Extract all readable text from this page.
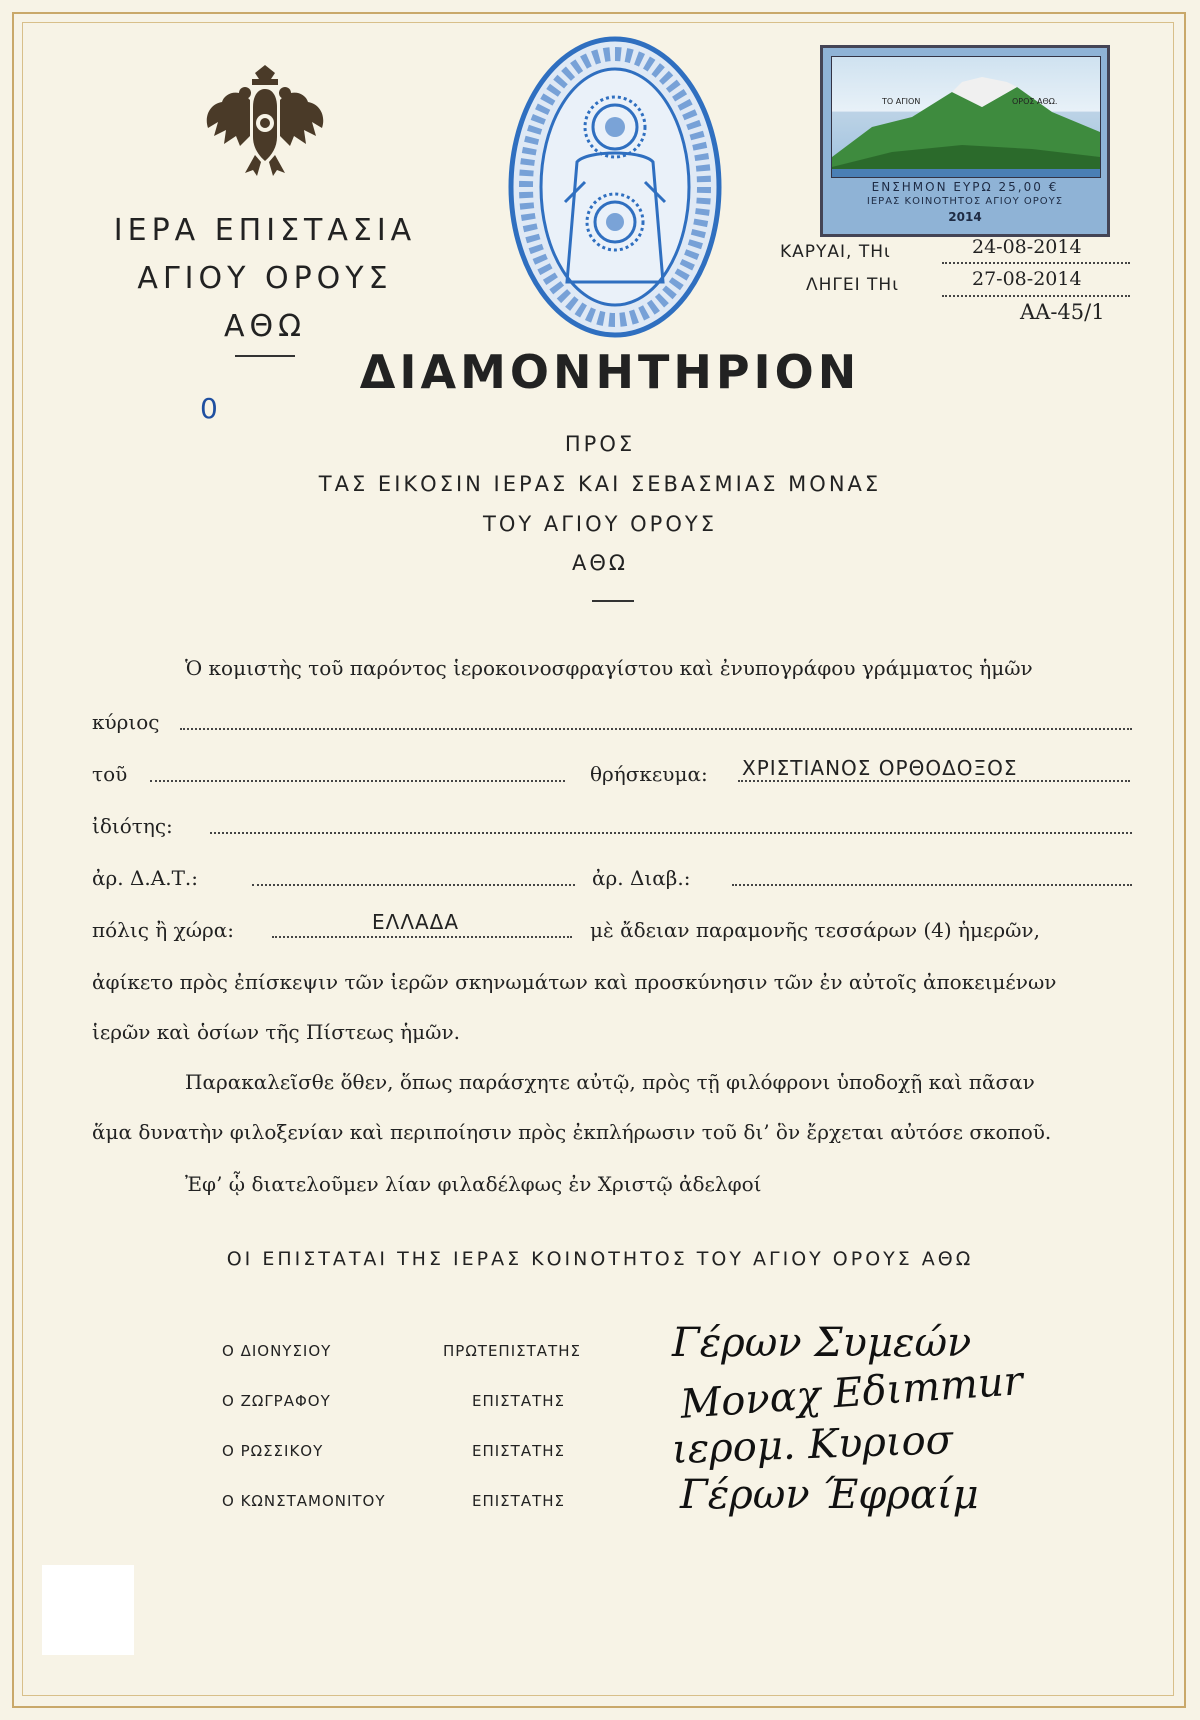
ΙΕΡΑ ΕΠΙΣΤΑΣΙΑ
ΑΓΙΟΥ ΟΡΟΥΣ
ΑΘΩ
ΤΟ ΑΓΙΟΝ	ΟΡΟΣ ΑΘΩ.
ΕΝΣΗΜΟΝ ΕΥΡΩ 25,00 €
ΙΕΡΑΣ ΚΟΙΝΟΤΗΤΟΣ ΑΓΙΟΥ ΟΡΟΥΣ
2014
ΚΑΡΥΑΙ, ΤΗι	24-08-2014
ΛΗΓΕΙ ΤΗι	27-08-2014
ΑΑ-45/1
0
ΔΙΑΜΟΝΗΤΗΡΙΟΝ
ΠΡΟΣ
ΤΑΣ ΕΙΚΟΣΙΝ ΙΕΡΑΣ ΚΑΙ ΣΕΒΑΣΜΙΑΣ ΜΟΝΑΣ
ΤΟΥ ΑΓΙΟΥ ΟΡΟΥΣ
ΑΘΩ
Ὁ κομιστὴς τοῦ παρόντος ἱεροκοινοσφραγίστου καὶ ἐνυπογράφου γράμματος ἡμῶν
κύριος
τοῦ	θρήσκευμα: ΧΡΙΣΤΙΑΝΟΣ ΟΡΘΟΔΟΞΟΣ
ἰδιότης:
ἀρ. Δ.Α.Τ.:	ἀρ. Διαβ.:
πόλις ἢ χώρα:	ΕΛΛΑΔΑ	μὲ ἄδειαν παραμονῆς τεσσάρων (4) ἡμερῶν,
ἀφίκετο πρὸς ἐπίσκεψιν τῶν ἱερῶν σκηνωμάτων καὶ προσκύνησιν τῶν ἐν αὐτοῖς ἀποκειμένων
ἱερῶν καὶ ὁσίων τῆς Πίστεως ἡμῶν.
Παρακαλεῖσθε ὅθεν, ὅπως παράσχητε αὐτῷ, πρὸς τῇ φιλόφρονι ὑποδοχῇ καὶ πᾶσαν
ἅμα δυνατὴν φιλοξενίαν καὶ περιποίησιν πρὸς ἐκπλήρωσιν τοῦ δι’ ὃν ἔρχεται αὐτόσε σκοποῦ.
Ἐφ’ ᾧ διατελοῦμεν λίαν φιλαδέλφως ἐν Χριστῷ ἀδελφοί
ΟΙ ΕΠΙΣΤΑΤΑΙ ΤΗΣ ΙΕΡΑΣ ΚΟΙΝΟΤΗΤΟΣ ΤΟΥ ΑΓΙΟΥ ΟΡΟΥΣ ΑΘΩ
Ο ΔΙΟΝΥΣΙΟΥ	ΠΡΩΤΕΠΙΣΤΑΤΗΣ Γέρων Συμεών
Ο ΖΩΓΡΑΦΟΥ	ΕΠΙΣΤΑΤΗΣ	Μοναχ Εδιmmur
Ο ΡΩΣΣΙΚΟΥ	ΕΠΙΣΤΑΤΗΣ	ιερομ. Κυριοσ
Ο ΚΩΝΣΤΑΜΟΝΙΤΟΥ	ΕΠΙΣΤΑΤΗΣ	Γέρων Έφραίμ
